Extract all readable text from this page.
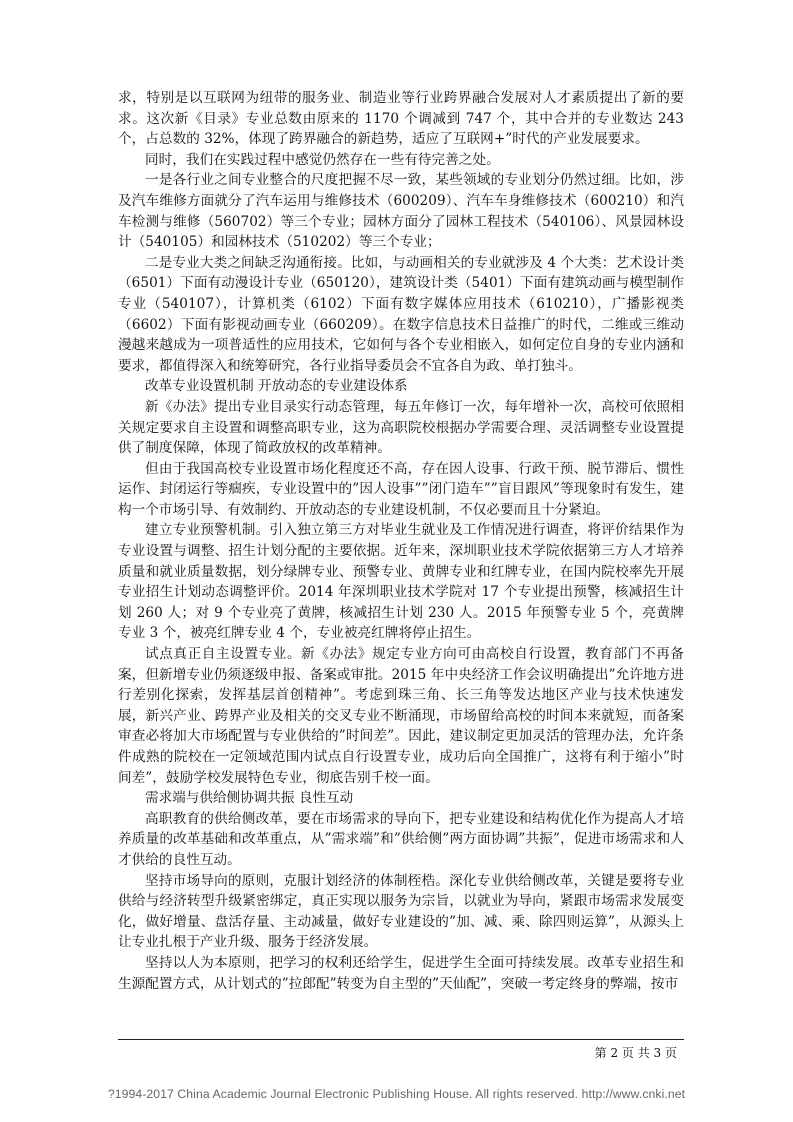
求，特别是以互联网为纽带的服务业、制造业等行业跨界融合发展对人才素质提出了新的要求。这次新《目录》专业总数由原来的 1170 个调减到 747 个，其中合并的专业数达 243 个，占总数的 32%，体现了跨界融合的新趋势，适应了互联网+”时代的产业发展要求。

同时，我们在实践过程中感觉仍然存在一些有待完善之处。

一是各行业之间专业整合的尺度把握不尽一致，某些领域的专业划分仍然过细。比如，涉及汽车维修方面就分了汽车运用与维修技术（600209）、汽车车身维修技术（600210）和汽车检测与维修（560702）等三个专业；园林方面分了园林工程技术（540106）、风景园林设计（540105）和园林技术（510202）等三个专业；

二是专业大类之间缺乏沟通衔接。比如，与动画相关的专业就涉及 4 个大类：艺术设计类（6501）下面有动漫设计专业（650120），建筑设计类（5401）下面有建筑动画与模型制作专业（540107），计算机类（6102）下面有数字媒体应用技术（610210），广播影视类（6602）下面有影视动画专业（660209）。在数字信息技术日益推广的时代，二维或三维动漫越来越成为一项普适性的应用技术，它如何与各个专业相嵌入，如何定位自身的专业内涵和要求，都值得深入和统筹研究，各行业指导委员会不宜各自为政、单打独斗。

改革专业设置机制 开放动态的专业建设体系

新《办法》提出专业目录实行动态管理，每五年修订一次，每年增补一次，高校可依照相关规定要求自主设置和调整高职专业，这为高职院校根据办学需要合理、灵活调整专业设置提供了制度保障，体现了简政放权的改革精神。

但由于我国高校专业设置市场化程度还不高，存在因人设事、行政干预、脱节滞后、惯性运作、封闭运行等痼疾，专业设置中的”因人设事””闭门造车””盲目跟风”等现象时有发生，建构一个市场引导、有效制约、开放动态的专业建设机制，不仅必要而且十分紧迫。

建立专业预警机制。引入独立第三方对毕业生就业及工作情况进行调查，将评价结果作为专业设置与调整、招生计划分配的主要依据。近年来，深圳职业技术学院依据第三方人才培养质量和就业质量数据，划分绿牌专业、预警专业、黄牌专业和红牌专业，在国内院校率先开展专业招生计划动态调整评价。2014 年深圳职业技术学院对 17 个专业提出预警，核减招生计划 260 人；对 9 个专业亮了黄牌，核减招生计划 230 人。2015 年预警专业 5 个，亮黄牌专业 3 个，被亮红牌专业 4 个，专业被亮红牌将停止招生。

试点真正自主设置专业。新《办法》规定专业方向可由高校自行设置，教育部门不再备案，但新增专业仍须逐级申报、备案或审批。2015 年中央经济工作会议明确提出”允许地方进行差别化探索，发挥基层首创精神”。考虑到珠三角、长三角等发达地区产业与技术快速发展，新兴产业、跨界产业及相关的交叉专业不断涌现，市场留给高校的时间本来就短，而备案审查必将加大市场配置与专业供给的”时间差”。因此，建议制定更加灵活的管理办法，允许条件成熟的院校在一定领域范围内试点自行设置专业，成功后向全国推广，这将有利于缩小”时间差”，鼓励学校发展特色专业，彻底告别千校一面。

需求端与供给侧协调共振 良性互动

高职教育的供给侧改革，要在市场需求的导向下，把专业建设和结构优化作为提高人才培养质量的改革基础和改革重点，从”需求端”和”供给侧”两方面协调”共振”，促进市场需求和人才供给的良性互动。

坚持市场导向的原则，克服计划经济的体制桎梏。深化专业供给侧改革，关键是要将专业供给与经济转型升级紧密绑定，真正实现以服务为宗旨，以就业为导向，紧跟市场需求发展变化，做好增量、盘活存量、主动减量，做好专业建设的”加、减、乘、除四则运算”，从源头上让专业扎根于产业升级、服务于经济发展。

坚持以人为本原则，把学习的权利还给学生，促进学生全面可持续发展。改革专业招生和生源配置方式，从计划式的”拉郎配”转变为自主型的”天仙配”，突破一考定终身的弊端，按市

第 2 页 共 3 页
?1994-2017 China Academic Journal Electronic Publishing House. All rights reserved. http://www.cnki.net
